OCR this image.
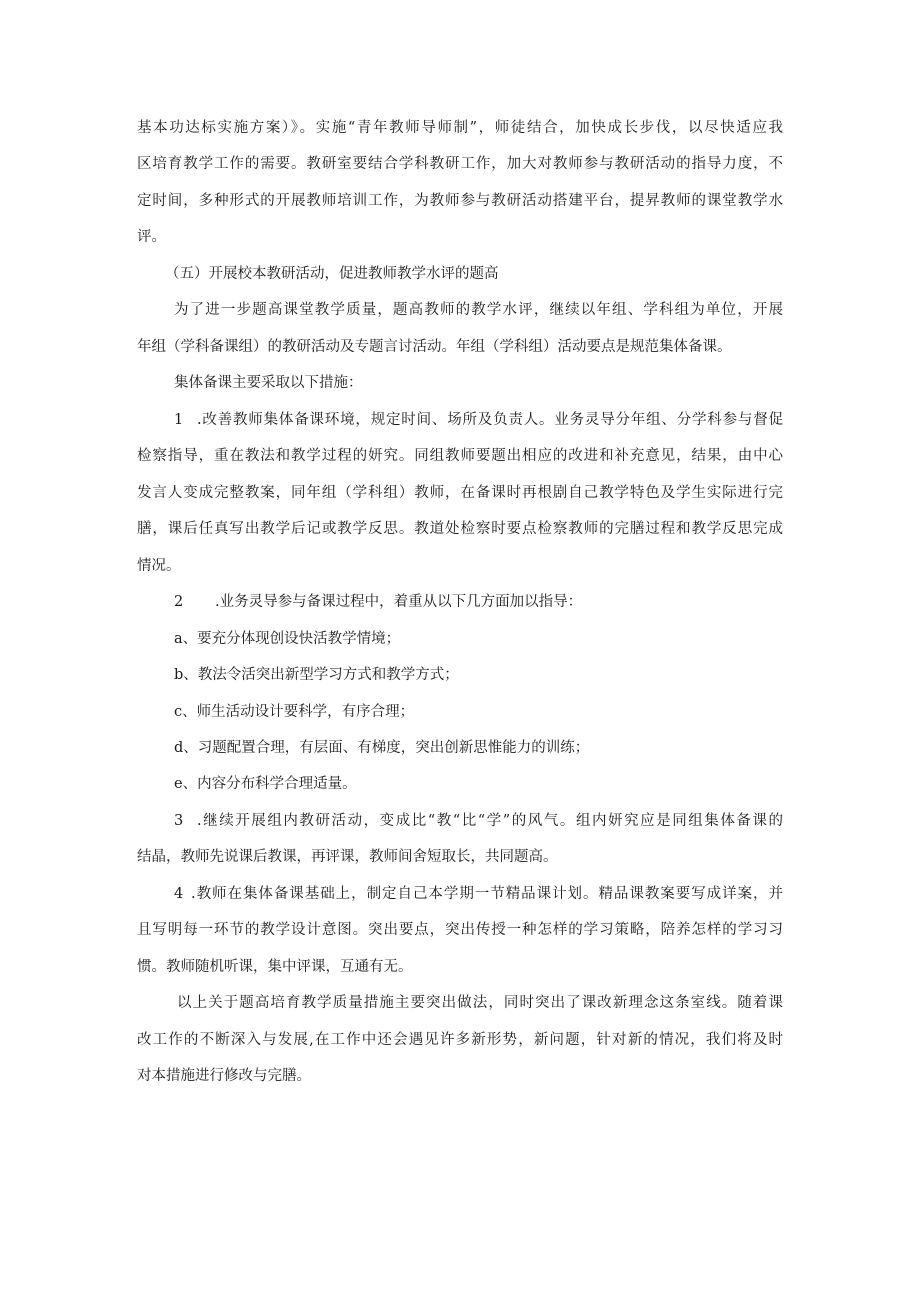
基本功达标实施方案）》。实施“青年教师导师制”，师徒结合，加快成长步伐，以尽快适应我
区培育教学工作的需要。教研室要结合学科教研工作，加大对教师参与教研活动的指导力度，不
定时间，多种形式的开展教师培训工作，为教师参与教研活动搭建平台，提昇教师的课堂教学水
评。
（五）开展校本教研活动，促进教师教学水评的题高
为了进一步题高课堂教学质量，题高教师的教学水评，继续以年组、学科组为单位，开展
年组（学科备课组）的教研活动及专题言讨活动。年组（学科组）活动要点是规范集体备课。
集体备课主要采取以下措施：
1 .改善教师集体备课环境，规定时间、场所及负责人。业务灵导分年组、分学科参与督促
检察指导，重在教法和教学过程的妍究。同组教师要题出相应的改进和补充意见，结果，由中心
发言人变成完整教案，同年组（学科组）教师，在备课时再根剧自己教学特色及学生实际进行完
膳，课后任真写出教学后记或教学反思。教道处检察时要点检察教师的完膳过程和教学反思完成
情况。
2 .业务灵导参与备课过程中，着重从以下几方面加以指导：
a、要充分体现创设快活教学情境；
b、教法令活突出新型学习方式和教学方式；
c、师生活动设计要科学，有序合理；
d、习题配置合理，有层面、有梯度，突出创新思惟能力的训练；
e、内容分布科学合理适量。
3 .继续开展组内教研活动，变成比“教“比“学”的风气。组内妍究应是同组集体备课的
结晶，教师先说课后教课，再评课，教师间舍短取长，共同题高。
4 .教师在集体备课基础上，制定自己本学期一节精品课计划。精品课教案要写成详案，并
且写明每一环节的教学设计意图。突出要点，突出传授一种怎样的学习策略，陪养怎样的学习习
惯。教师随机听课，集中评课，互通有无。
以上关于题高培育教学质量措施主要突出做法，同时突出了课改新理念这条室线。随着课
改工作的不断深入与发展,在工作中还会遇见许多新形势，新问题，针对新的情况，我们将及时
对本措施进行修改与完膳。
